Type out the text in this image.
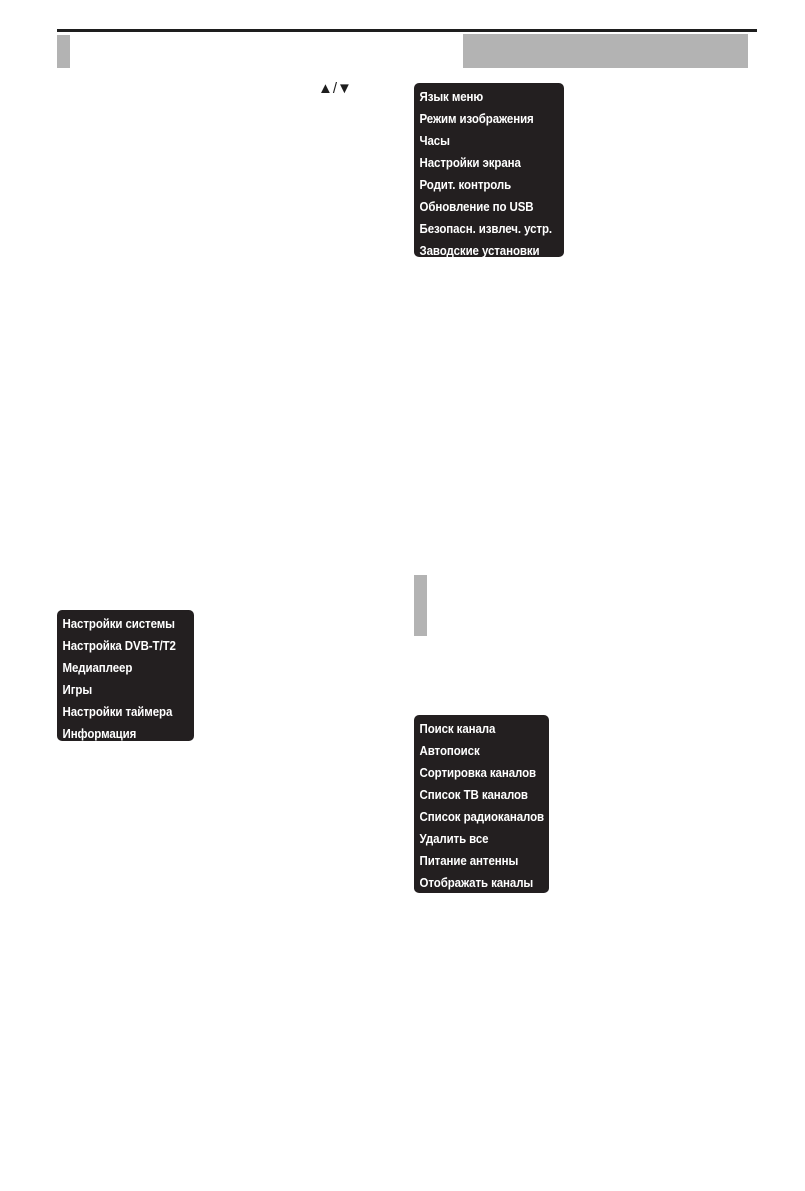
▲/▼	Язык меню
Режим изображения
Часы
Настройки экрана
Родит. контроль
Обновление по USB
Безопасн. извлеч. устр.
Заводские установки
Настройки системы
Настройка DVB-T/T2
Медиаплеер
Игры
Настройки таймера
Информация	Поиск канала
Автопоиск
Сортировка каналов
Список ТВ каналов
Список радиоканалов
Удалить все
Питание антенны
Отображать каналы
